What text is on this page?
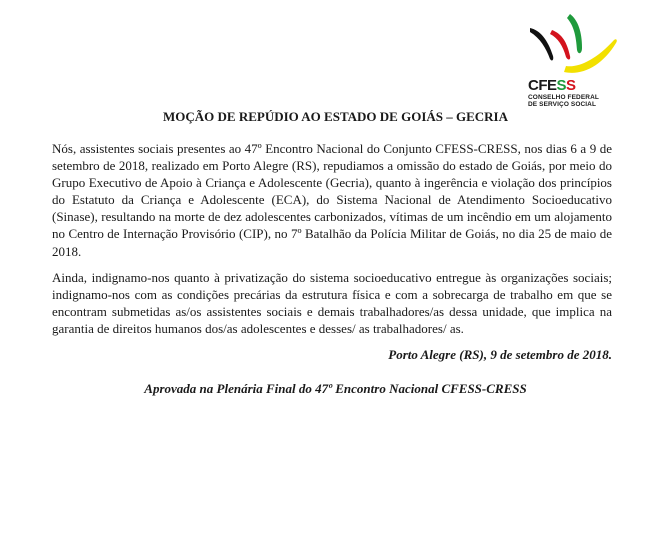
CFESS
CONSELHO FEDERAL
DE SERVIÇO SOCIAL
MOÇÃO DE REPÚDIO AO ESTADO DE GOIÁS – GECRIA

Nós, assistentes sociais presentes ao 47º Encontro Nacional do Conjunto CFESS-CRESS, nos dias 6 a 9 de setembro de 2018, realizado em Porto Alegre (RS), repudiamos a omissão do estado de Goiás, por meio do Grupo Executivo de Apoio à Criança e Adolescente (Gecria), quanto à ingerência e violação dos princípios do Estatuto da Criança e Adolescente (ECA), do Sistema Nacional de Atendimento Socioeducativo (Sinase), resultando na morte de dez adolescentes carbonizados, vítimas de um incêndio em um alojamento no Centro de Internação Provisório (CIP), no 7º Batalhão da Polícia Militar de Goiás, no dia 25 de maio de 2018.

Ainda, indignamo-nos quanto à privatização do sistema socioeducativo entregue às organizações sociais; indignamo-nos com as condições precárias da estrutura física e com a sobrecarga de trabalho em que se encontram submetidas as/os assistentes sociais e demais trabalhadores/as dessa unidade, que implica na garantia de direitos humanos dos/as adolescentes e desses/ as trabalhadores/ as.

Porto Alegre (RS), 9 de setembro de 2018.

Aprovada na Plenária Final do 47º Encontro Nacional CFESS-CRESS
